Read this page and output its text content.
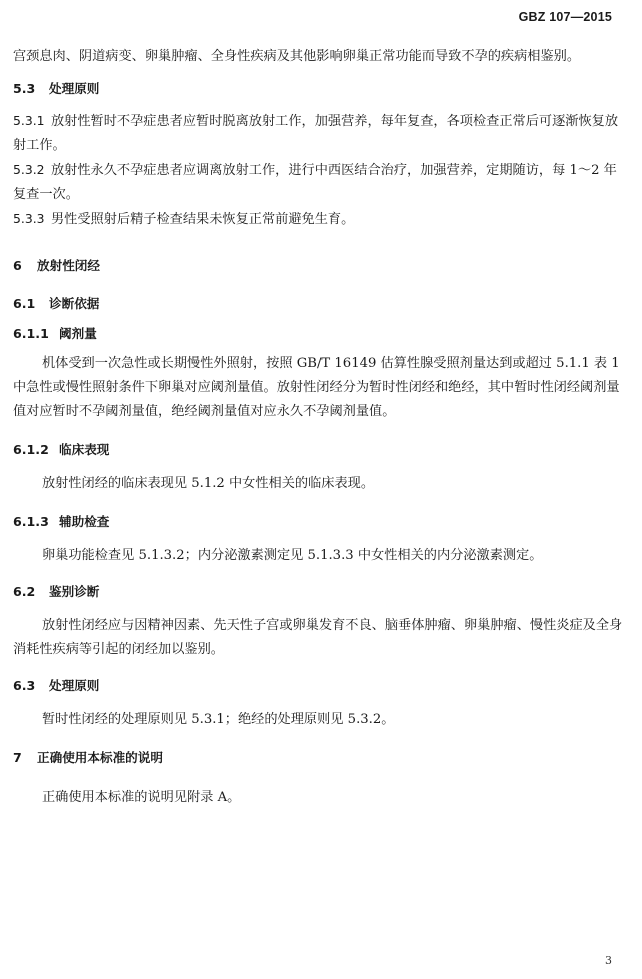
GBZ 107—2015

宫颈息肉、阴道病变、卵巢肿瘤、全身性疾病及其他影响卵巢正常功能而导致不孕的疾病相鉴别。

5.3 处理原则

5.3.1 放射性暂时不孕症患者应暂时脱离放射工作，加强营养，每年复查，各项检查正常后可逐渐恢复放射工作。

5.3.2 放射性永久不孕症患者应调离放射工作，进行中西医结合治疗，加强营养，定期随访，每 1～2 年复查一次。

5.3.3 男性受照射后精子检查结果未恢复正常前避免生育。

6 放射性闭经

6.1 诊断依据

6.1.1 阈剂量

机体受到一次急性或长期慢性外照射，按照 GB/T 16149 估算性腺受照剂量达到或超过 5.1.1 表 1 中急性或慢性照射条件下卵巢对应阈剂量值。放射性闭经分为暂时性闭经和绝经，其中暂时性闭经阈剂量值对应暂时不孕阈剂量值，绝经阈剂量值对应永久不孕阈剂量值。

6.1.2 临床表现

放射性闭经的临床表现见 5.1.2 中女性相关的临床表现。

6.1.3 辅助检查

卵巢功能检查见 5.1.3.2；内分泌激素测定见 5.1.3.3 中女性相关的内分泌激素测定。

6.2 鉴别诊断

放射性闭经应与因精神因素、先天性子宫或卵巢发育不良、脑垂体肿瘤、卵巢肿瘤、慢性炎症及全身消耗性疾病等引起的闭经加以鉴别。

6.3 处理原则

暂时性闭经的处理原则见 5.3.1；绝经的处理原则见 5.3.2。

7 正确使用本标准的说明

正确使用本标准的说明见附录 A。

3
